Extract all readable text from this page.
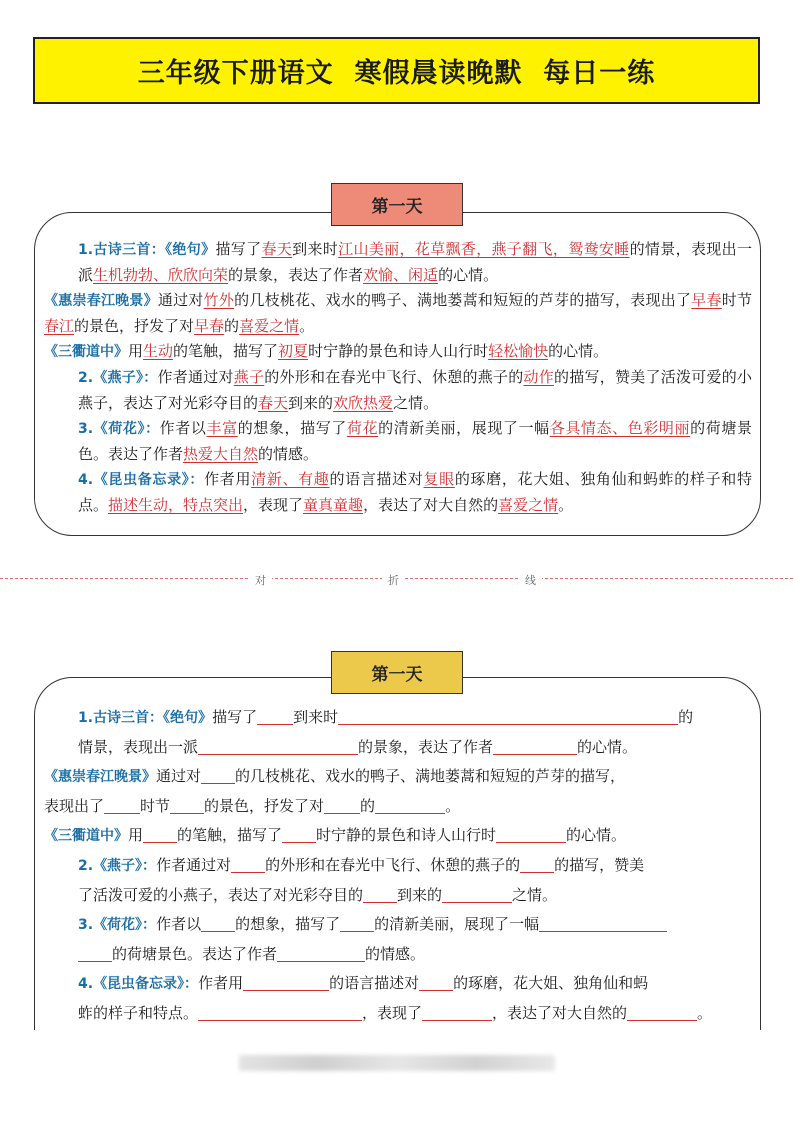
三年级下册语文  寒假晨读晚默  每日一练
第一天

1.古诗三首：《绝句》描写了春天到来时江山美丽，花草飘香，燕子翻飞，鸳鸯安睡的情景，表现出一派生机勃勃、欣欣向荣的景象，表达了作者欢愉、闲适的心情。

《惠崇春江晚景》通过对竹外的几枝桃花、戏水的鸭子、满地蒌蒿和短短的芦芽的描写，表现出了早春时节春江的景色，抒发了对早春的喜爱之情。

《三衢道中》用生动的笔触，描写了初夏时宁静的景色和诗人山行时轻松愉快的心情。

2.《燕子》：作者通过对燕子的外形和在春光中飞行、休憩的燕子的动作的描写，赞美了活泼可爱的小燕子，表达了对光彩夺目的春天到来的欢欣热爱之情。

3.《荷花》：作者以丰富的想象，描写了荷花的清新美丽，展现了一幅各具情态、色彩明丽的荷塘景色。表达了作者热爱大自然的情感。

4.《昆虫备忘录》：作者用清新、有趣的语言描述对复眼的琢磨，花大姐、独角仙和蚂蚱的样子和特点。描述生动，特点突出，表现了童真童趣，表达了对大自然的喜爱之情。

对	折	线
第一天

1.古诗三首：《绝句》描写了 到来时	的
情景，表现出一派	的景象，表达了作者	的心情。

《惠崇春江晚景》通过对 的几枝桃花、戏水的鸭子、满地蒌蒿和短短的芦芽的描写，
表现出了 时节 的景色，抒发了对 的	。

《三衢道中》用 的笔触，描写了 时宁静的景色和诗人山行时	的心情。

2.《燕子》：作者通过对 的外形和在春光中飞行、休憩的燕子的 的描写，赞美
了活泼可爱的小燕子，表达了对光彩夺目的 到来的	之情。

3.《荷花》：作者以 的想象，描写了 的清新美丽，展现了一幅
的荷塘景色。表达了作者	的情感。

4.《昆虫备忘录》：作者用	的语言描述对 的琢磨，花大姐、独角仙和蚂
蚱的样子和特点。	，表现了	，表达了对大自然的	。
